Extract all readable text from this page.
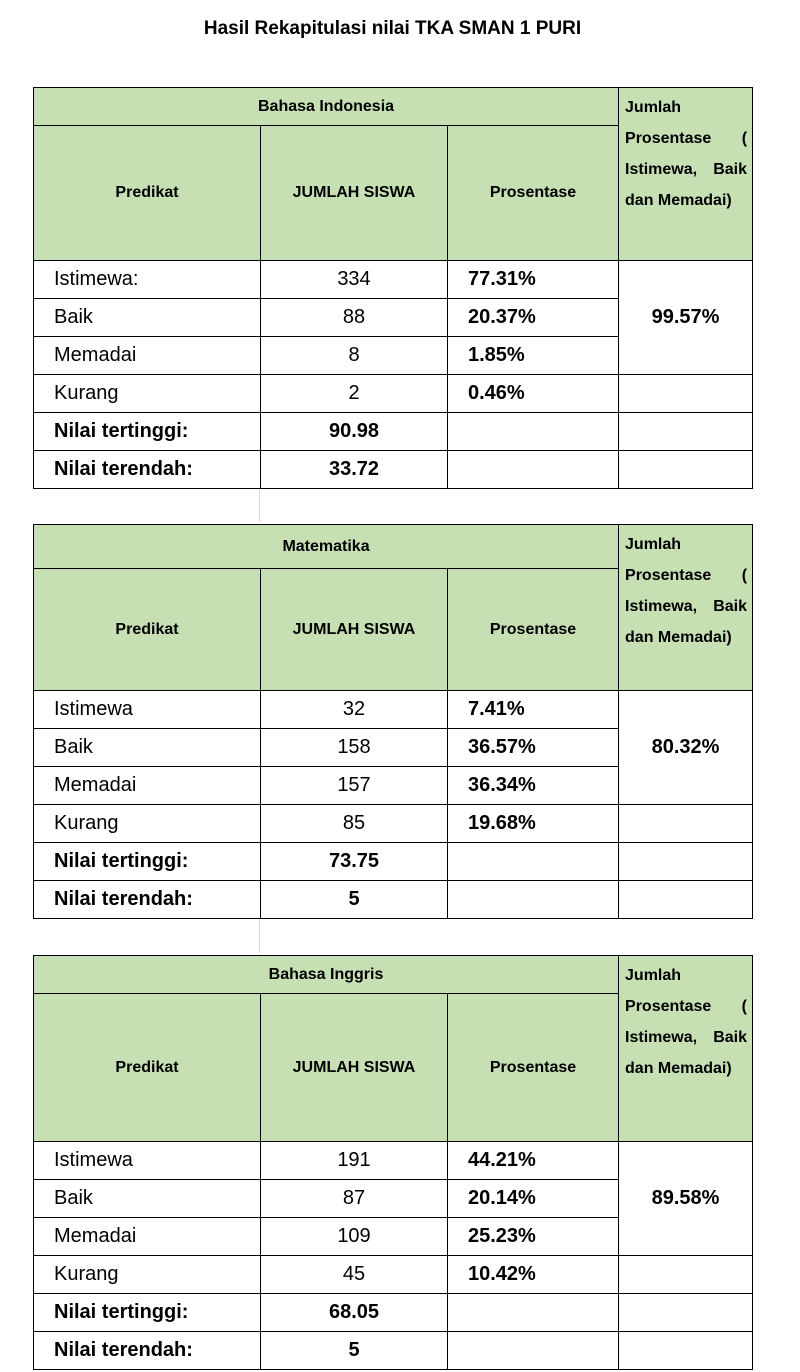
Hasil Rekapitulasi nilai TKA SMAN 1 PURI
Bahasa Indonesia			Jumlah Prosentase ( Istimewa, Baik dan Memadai)
Predikat	JUMLAH SISWA	Prosentase	
Istimewa:	334	77.31%	99.57%
Baik	88	20.37%	
Memadai	8	1.85%	
Kurang	2	0.46%	
Nilai tertinggi:	90.98		
Nilai terendah:	33.72		
Matematika			Jumlah Prosentase ( Istimewa, Baik dan Memadai)
Predikat	JUMLAH SISWA	Prosentase	
Istimewa	32	7.41%	80.32%
Baik	158	36.57%	
Memadai	157	36.34%	
Kurang	85	19.68%	
Nilai tertinggi:	73.75		
Nilai terendah:	5		
Bahasa Inggris			Jumlah Prosentase ( Istimewa, Baik dan Memadai)
Predikat	JUMLAH SISWA	Prosentase	
Istimewa	191	44.21%	89.58%
Baik	87	20.14%	
Memadai	109	25.23%	
Kurang	45	10.42%	
Nilai tertinggi:	68.05		
Nilai terendah:	5		
